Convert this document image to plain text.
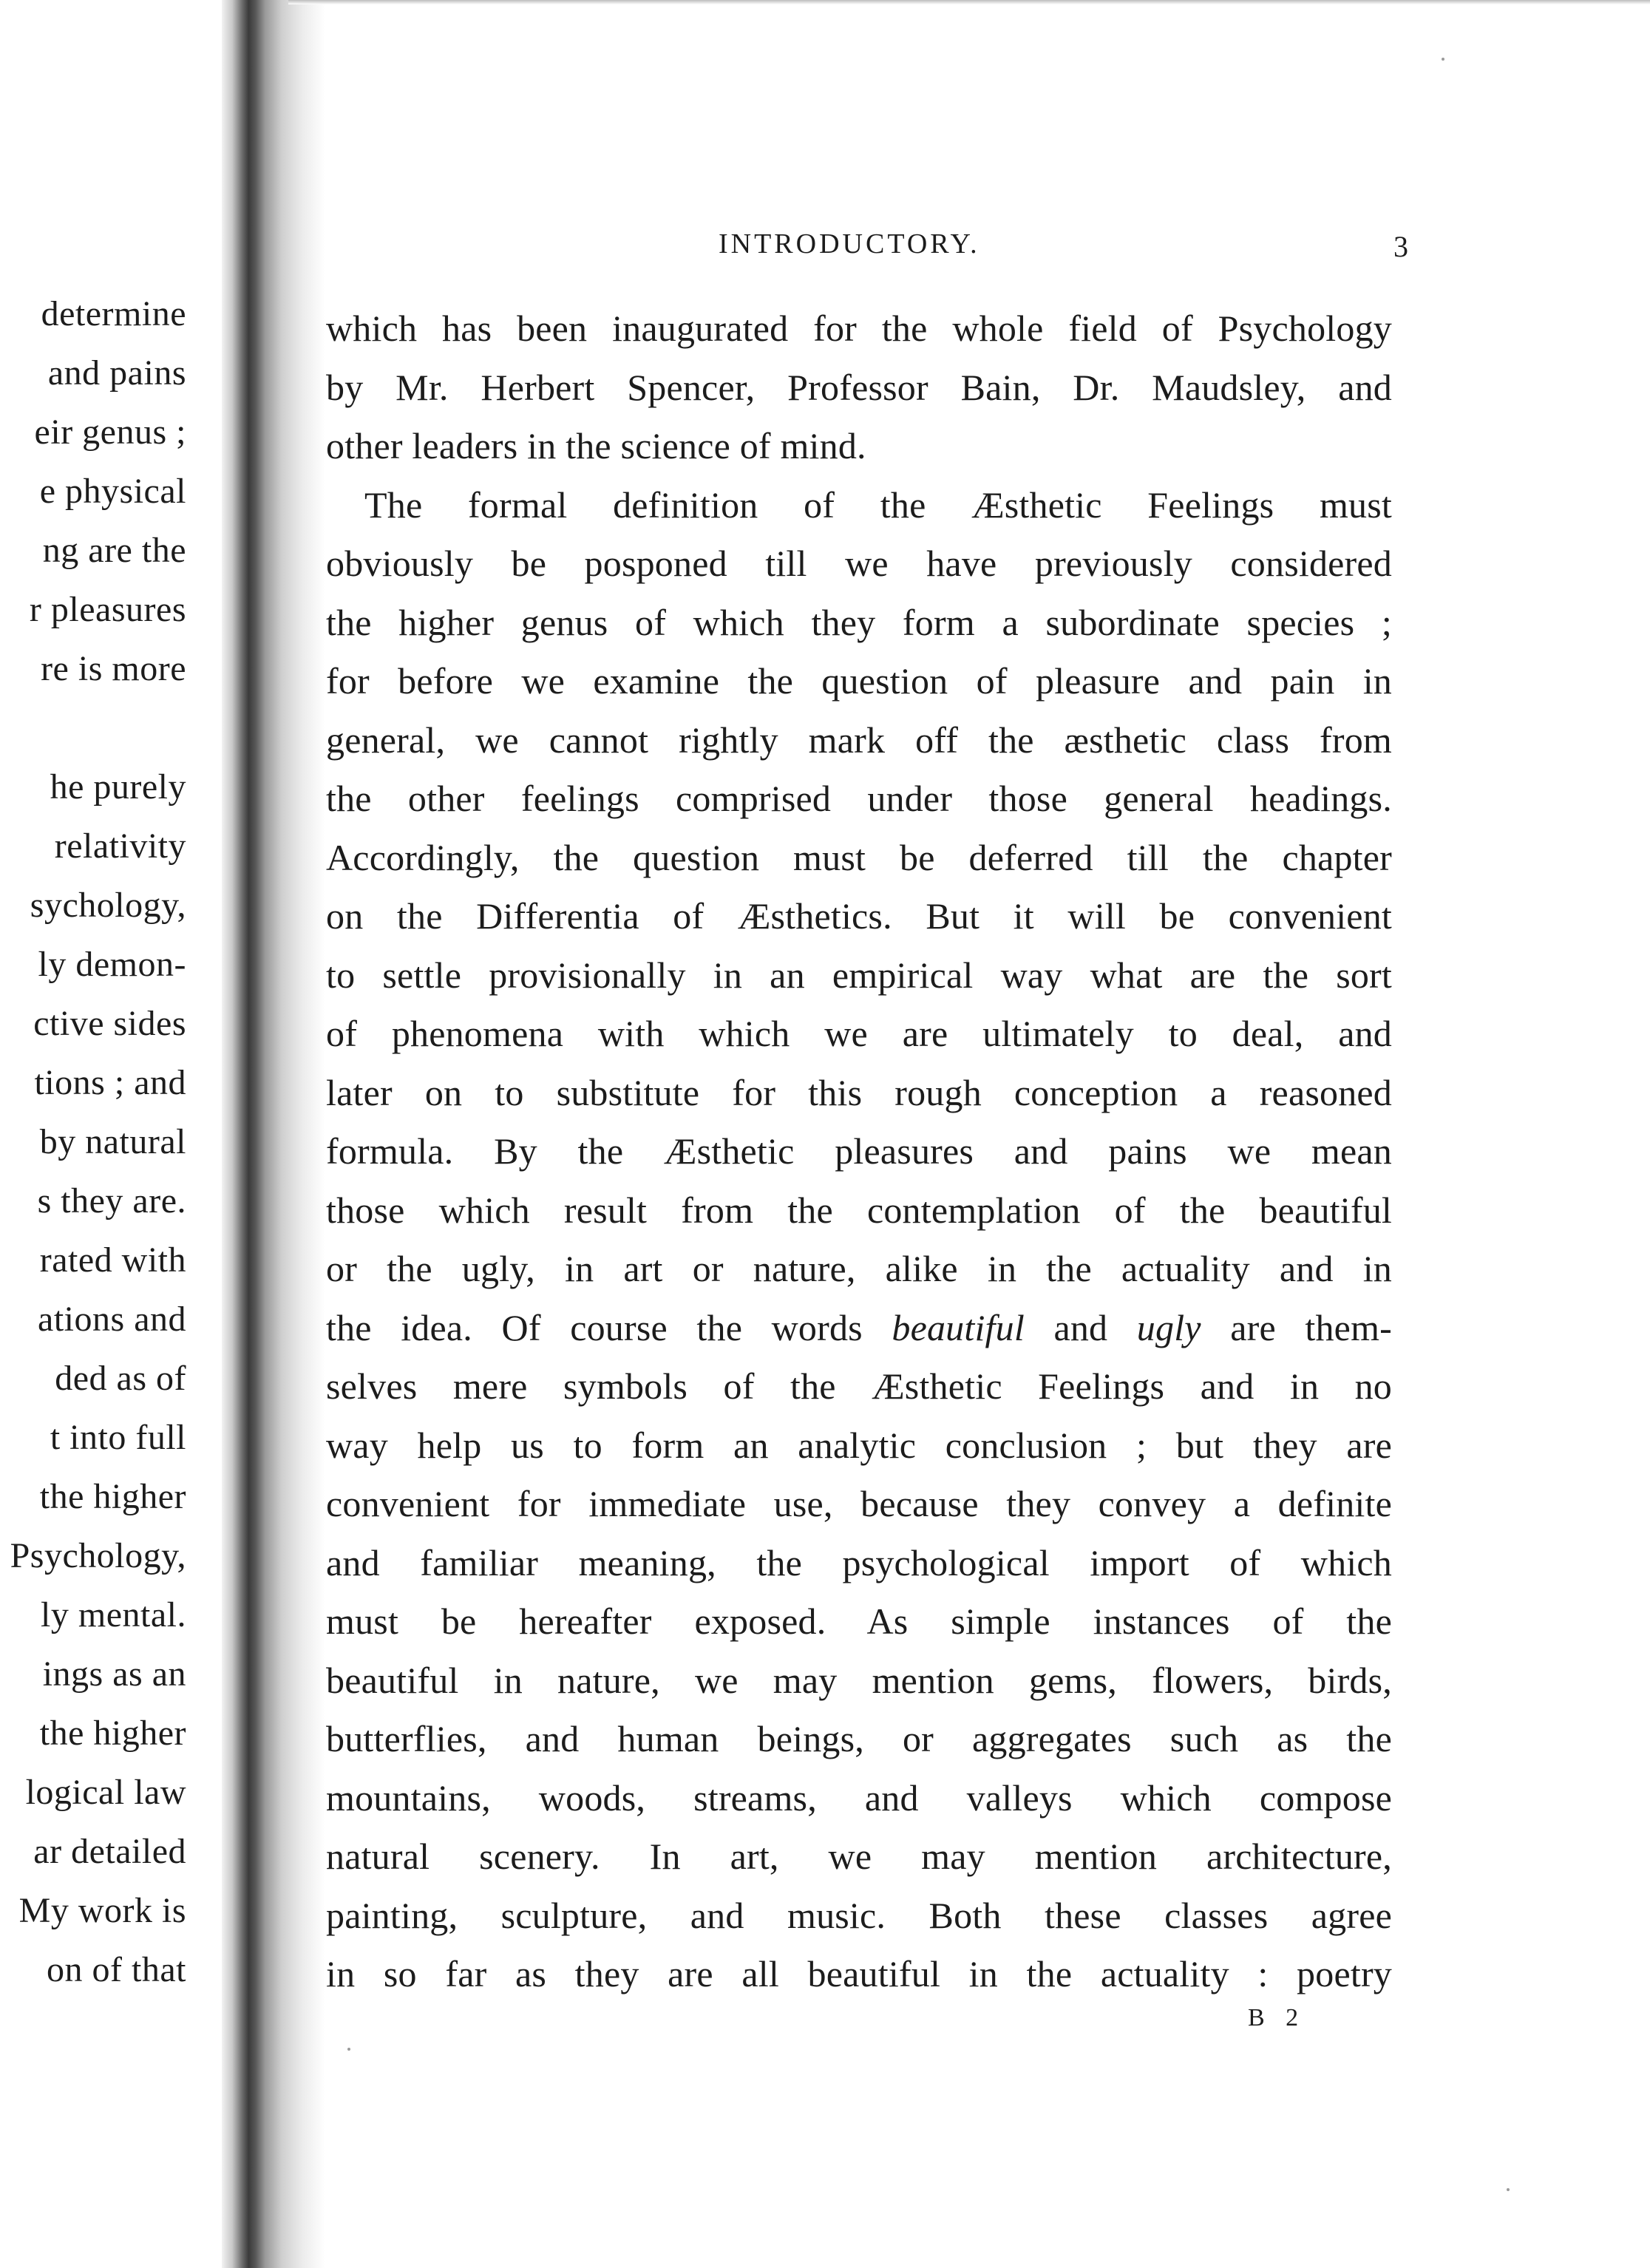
determine
and pains
eir genus ;
e physical
ng are the
r pleasures
re is more
he purely
relativity
sychology,
ly demon-
ctive sides
tions ; and
by natural
s they are.
rated with
ations and
ded as of
t into full
the higher
Psychology,
ly mental.
ings as an
the higher
logical law
ar detailed
My work is
on of that
INTRODUCTORY.	3
which has been inaugurated for the whole field of Psychology
by Mr. Herbert Spencer, Professor Bain, Dr. Maudsley, and
other leaders in the science of mind.
The formal definition of the Æsthetic Feelings must
obviously be posponed till we have previously considered
the higher genus of which they form a subordinate species ;
for before we examine the question of pleasure and pain in
general, we cannot rightly mark off the æsthetic class from
the other feelings comprised under those general headings.
Accordingly, the question must be deferred till the chapter
on the Differentia of Æsthetics. But it will be convenient
to settle provisionally in an empirical way what are the sort
of phenomena with which we are ultimately to deal, and
later on to substitute for this rough conception a reasoned
formula. By the Æsthetic pleasures and pains we mean
those which result from the contemplation of the beautiful
or the ugly, in art or nature, alike in the actuality and in
the idea. Of course the words beautiful and ugly are them-
selves mere symbols of the Æsthetic Feelings and in no
way help us to form an analytic conclusion ; but they are
convenient for immediate use, because they convey a definite
and familiar meaning, the psychological import of which
must be hereafter exposed. As simple instances of the
beautiful in nature, we may mention gems, flowers, birds,
butterflies, and human beings, or aggregates such as the
mountains, woods, streams, and valleys which compose
natural scenery. In art, we may mention architecture,
painting, sculpture, and music. Both these classes agree
in so far as they are all beautiful in the actuality : poetry
B 2
